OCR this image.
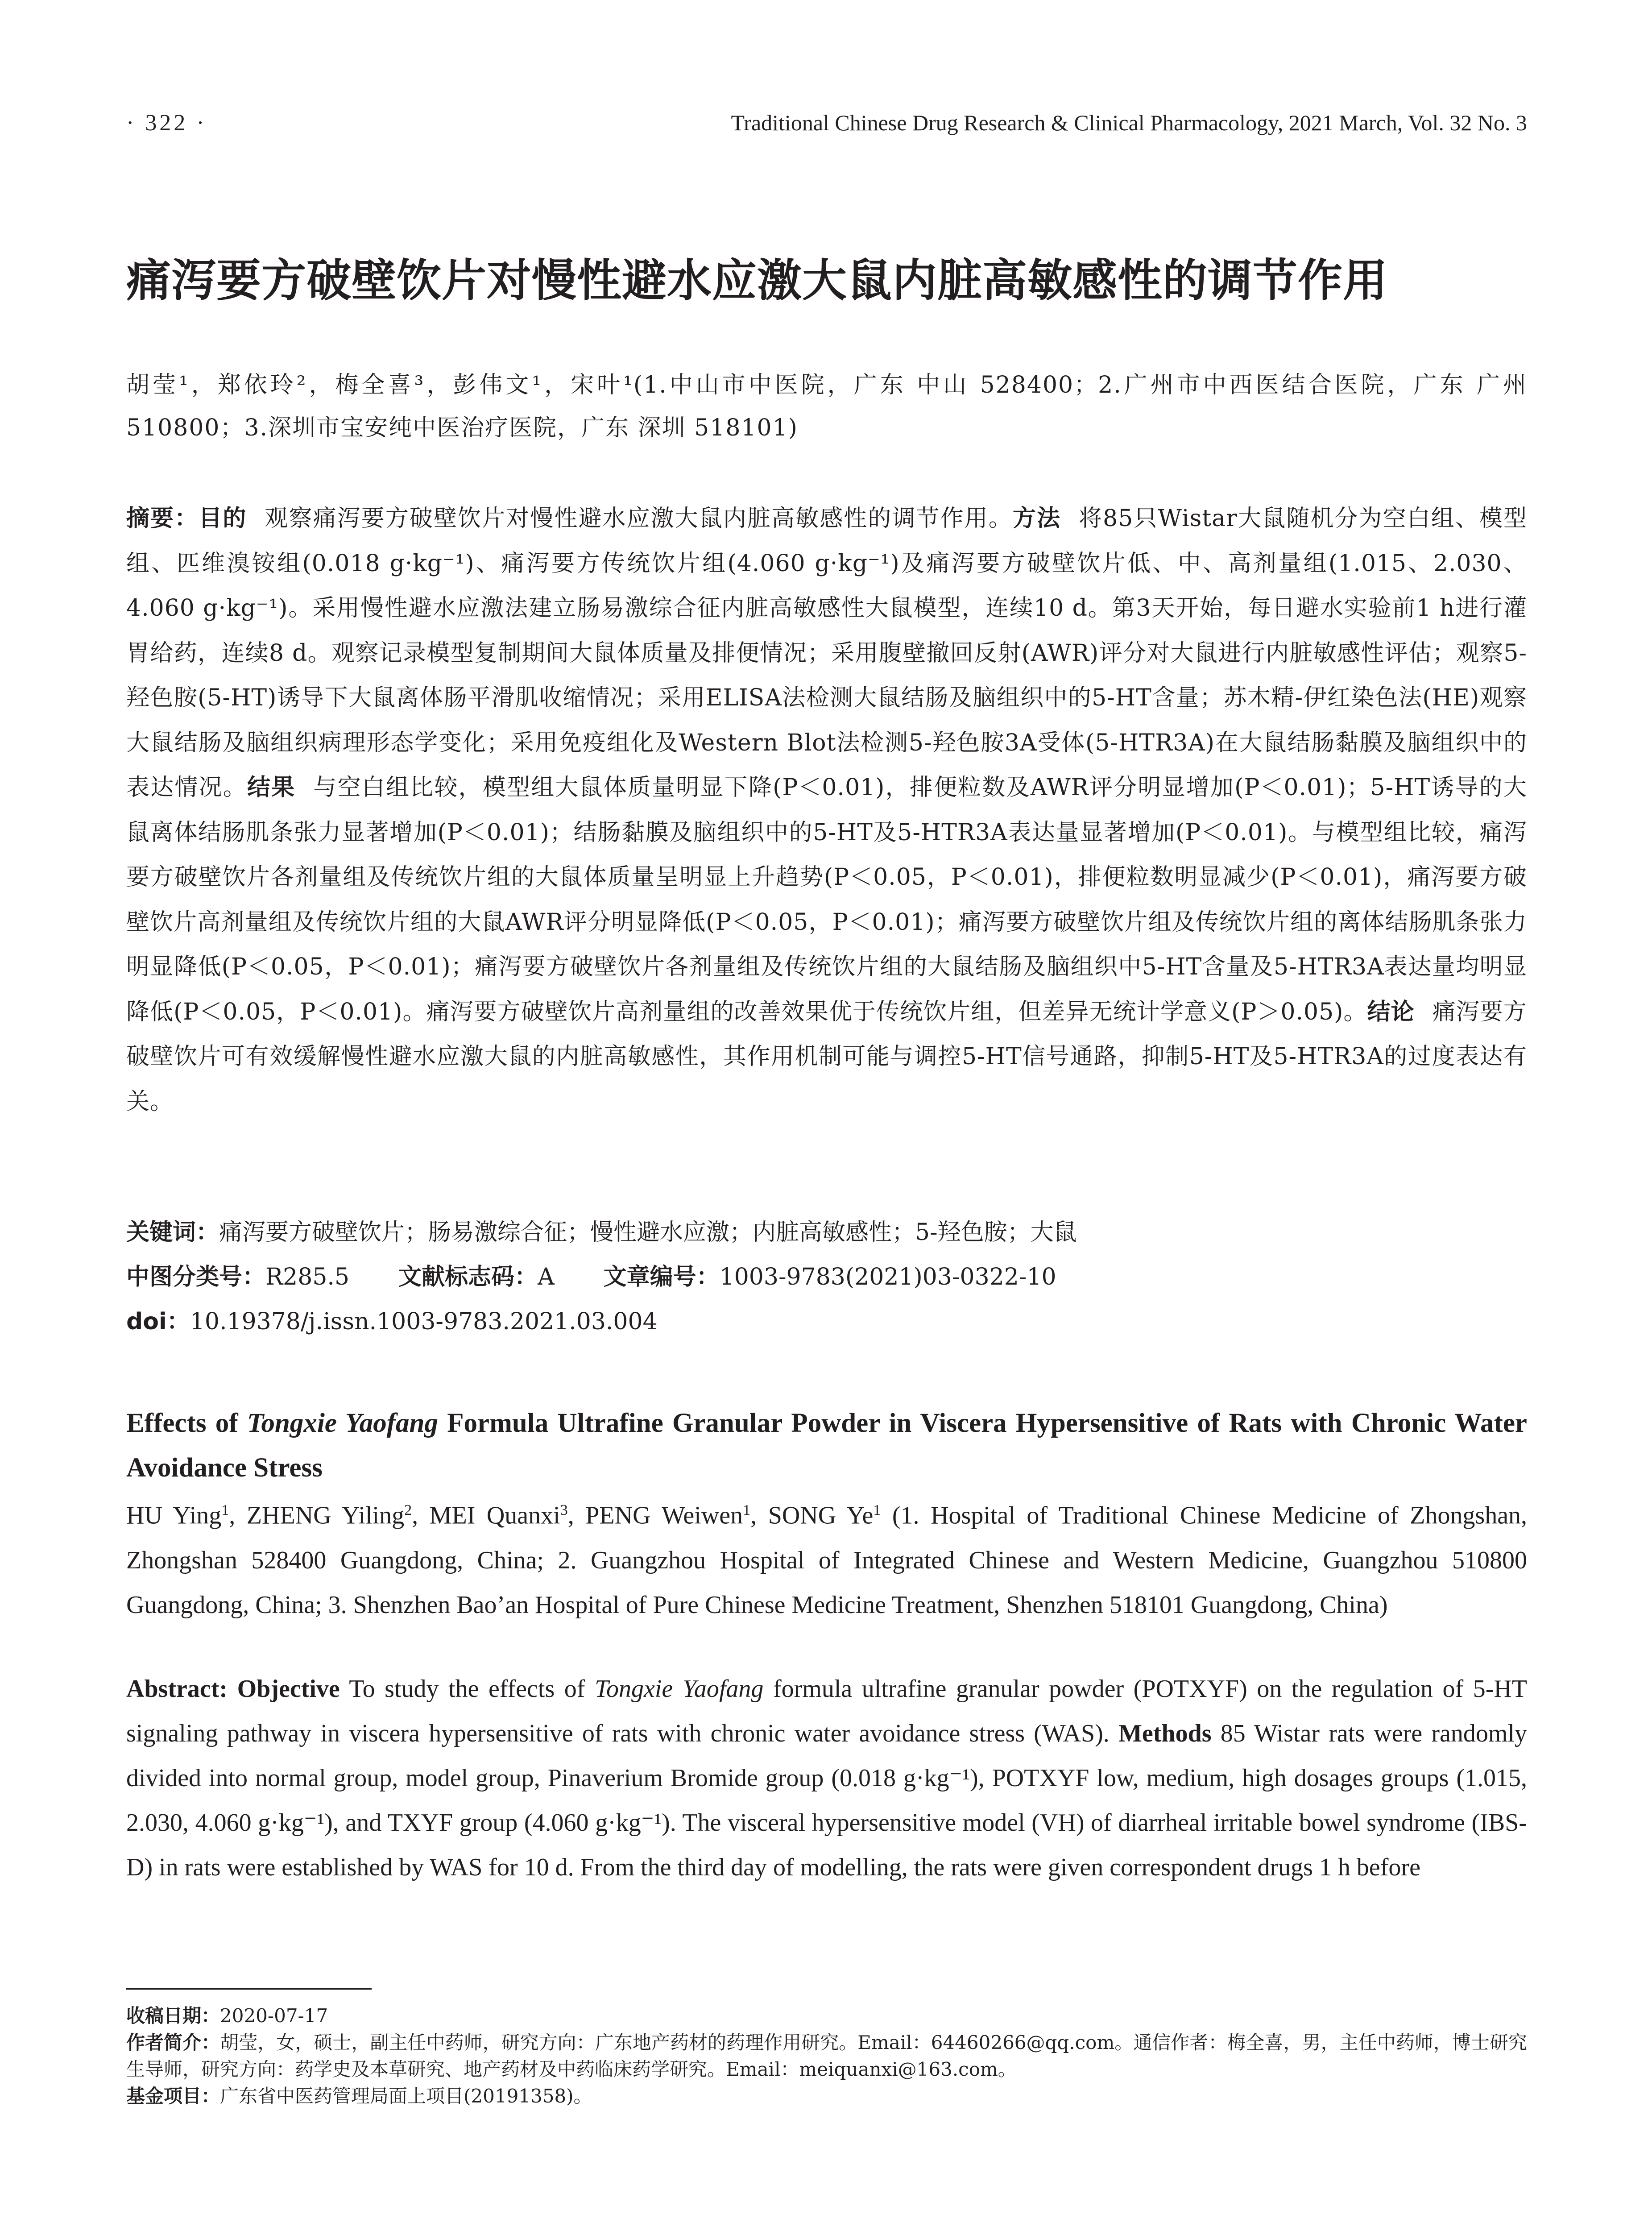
· 322 ·	Traditional Chinese Drug Research & Clinical Pharmacology, 2021 March, Vol. 32 No. 3
痛泻要方破壁饮片对慢性避水应激大鼠内脏高敏感性的调节作用
胡莹¹，郑依玲²，梅全喜³，彭伟文¹，宋叶¹(1.中山市中医院，广东 中山 528400；2.广州市中西医结合医院，广东 广州 510800；3.深圳市宝安纯中医治疗医院，广东 深圳 518101)
摘要：目的 观察痛泻要方破壁饮片对慢性避水应激大鼠内脏高敏感性的调节作用。方法 将85只Wistar大鼠随机分为空白组、模型组、匹维溴铵组(0.018 g·kg⁻¹)、痛泻要方传统饮片组(4.060 g·kg⁻¹)及痛泻要方破壁饮片低、中、高剂量组(1.015、2.030、4.060 g·kg⁻¹)。采用慢性避水应激法建立肠易激综合征内脏高敏感性大鼠模型，连续10 d。第3天开始，每日避水实验前1 h进行灌胃给药，连续8 d。观察记录模型复制期间大鼠体质量及排便情况；采用腹壁撤回反射(AWR)评分对大鼠进行内脏敏感性评估；观察5-羟色胺(5-HT)诱导下大鼠离体肠平滑肌收缩情况；采用ELISA法检测大鼠结肠及脑组织中的5-HT含量；苏木精-伊红染色法(HE)观察大鼠结肠及脑组织病理形态学变化；采用免疫组化及Western Blot法检测5-羟色胺3A受体(5-HTR3A)在大鼠结肠黏膜及脑组织中的表达情况。结果 与空白组比较，模型组大鼠体质量明显下降(P＜0.01)，排便粒数及AWR评分明显增加(P＜0.01)；5-HT诱导的大鼠离体结肠肌条张力显著增加(P＜0.01)；结肠黏膜及脑组织中的5-HT及5-HTR3A表达量显著增加(P＜0.01)。与模型组比较，痛泻要方破壁饮片各剂量组及传统饮片组的大鼠体质量呈明显上升趋势(P＜0.05，P＜0.01)，排便粒数明显减少(P＜0.01)，痛泻要方破壁饮片高剂量组及传统饮片组的大鼠AWR评分明显降低(P＜0.05，P＜0.01)；痛泻要方破壁饮片组及传统饮片组的离体结肠肌条张力明显降低(P＜0.05，P＜0.01)；痛泻要方破壁饮片各剂量组及传统饮片组的大鼠结肠及脑组织中5-HT含量及5-HTR3A表达量均明显降低(P＜0.05，P＜0.01)。痛泻要方破壁饮片高剂量组的改善效果优于传统饮片组，但差异无统计学意义(P＞0.05)。结论 痛泻要方破壁饮片可有效缓解慢性避水应激大鼠的内脏高敏感性，其作用机制可能与调控5-HT信号通路，抑制5-HT及5-HTR3A的过度表达有关。
关键词：痛泻要方破壁饮片；肠易激综合征；慢性避水应激；内脏高敏感性；5-羟色胺；大鼠
中图分类号：R285.5 文献标志码：A 文章编号：1003-9783(2021)03-0322-10
doi：10.19378/j.issn.1003-9783.2021.03.004
Effects of Tongxie Yaofang Formula Ultrafine Granular Powder in Viscera Hypersensitive of Rats with Chronic Water Avoidance Stress
HU Ying$^1$, ZHENG Yiling$^2$, MEI Quanxi$^3$, PENG Weiwen$^1$, SONG Ye$^1$ (1. Hospital of Traditional Chinese Medicine of Zhongshan, Zhongshan 528400 Guangdong, China; 2. Guangzhou Hospital of Integrated Chinese and Western Medicine, Guangzhou 510800 Guangdong, China; 3. Shenzhen Bao’an Hospital of Pure Chinese Medicine Treatment, Shenzhen 518101 Guangdong, China)
Abstract: Objective To study the effects of Tongxie Yaofang formula ultrafine granular powder (POTXYF) on the regulation of 5-HT signaling pathway in viscera hypersensitive of rats with chronic water avoidance stress (WAS). Methods 85 Wistar rats were randomly divided into normal group, model group, Pinaverium Bromide group (0.018 g·kg⁻¹), POTXYF low, medium, high dosages groups (1.015, 2.030, 4.060 g·kg⁻¹), and TXYF group (4.060 g·kg⁻¹). The visceral hypersensitive model (VH) of diarrheal irritable bowel syndrome (IBS-D) in rats were established by WAS for 10 d. From the third day of modelling, the rats were given correspondent drugs 1 h before

收稿日期：2020-07-17

作者简介：胡莹，女，硕士，副主任中药师，研究方向：广东地产药材的药理作用研究。Email：64460266@qq.com。通信作者：梅全喜，男，主任中药师，博士研究生导师，研究方向：药学史及本草研究、地产药材及中药临床药学研究。Email：meiquanxi@163.com。

基金项目：广东省中医药管理局面上项目(20191358)。
